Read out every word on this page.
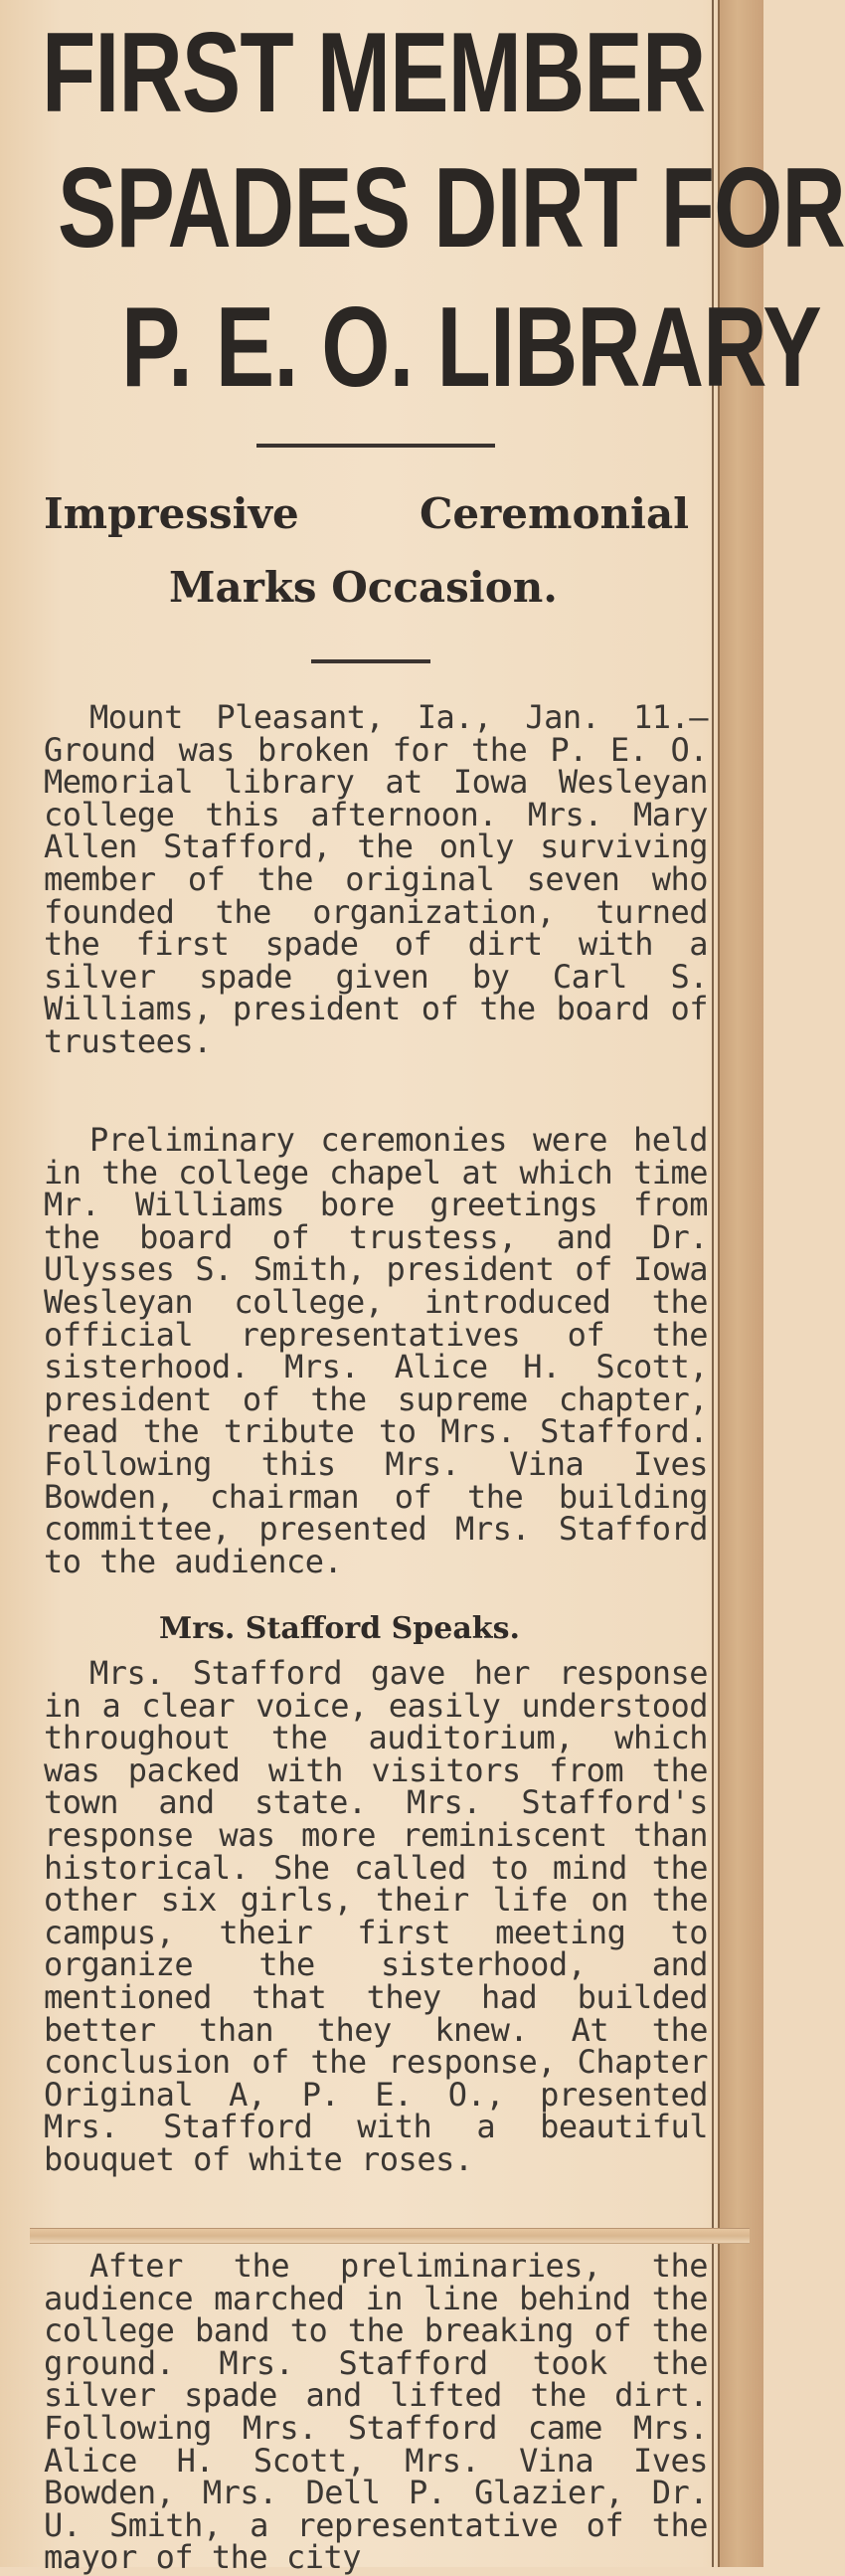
FIRST MEMBER
SPADES DIRT FOR
P. E. O. LIBRARY
Impressive	Ceremonial
Marks Occasion.
Mount Pleasant, Ia., Jan. 11.—Ground was broken for the P. E. O. Memorial library at Iowa Wesleyan college this afternoon. Mrs. Mary Allen Stafford, the only surviving member of the original seven who founded the organization, turned the first spade of dirt with a silver spade given by Carl S. Williams, president of the board of trustees.
Preliminary ceremonies were held in the college chapel at which time Mr. Williams bore greetings from the board of trustess, and Dr. Ulysses S. Smith, president of Iowa Wesleyan college, introduced the official representatives of the sisterhood. Mrs. Alice H. Scott, president of the supreme chapter, read the tribute to Mrs. Stafford. Following this Mrs. Vina Ives Bowden, chairman of the building committee, presented Mrs. Stafford to the audience.
Mrs. Stafford Speaks.
Mrs. Stafford gave her response in a clear voice, easily understood throughout the auditorium, which was packed with visitors from the town and state. Mrs. Stafford's response was more reminiscent than historical. She called to mind the other six girls, their life on the campus, their first meeting to organize the sisterhood, and mentioned that they had builded better than they knew. At the conclusion of the response, Chapter Original A, P. E. O., presented Mrs. Stafford with a beautiful bouquet of white roses.
After the preliminaries, the audience marched in line behind the college band to the breaking of the ground. Mrs. Stafford took the silver spade and lifted the dirt. Following Mrs. Stafford came Mrs. Alice H. Scott, Mrs. Vina Ives Bowden, Mrs. Dell P. Glazier, Dr. U. Smith, a representative of the mayor of the city
